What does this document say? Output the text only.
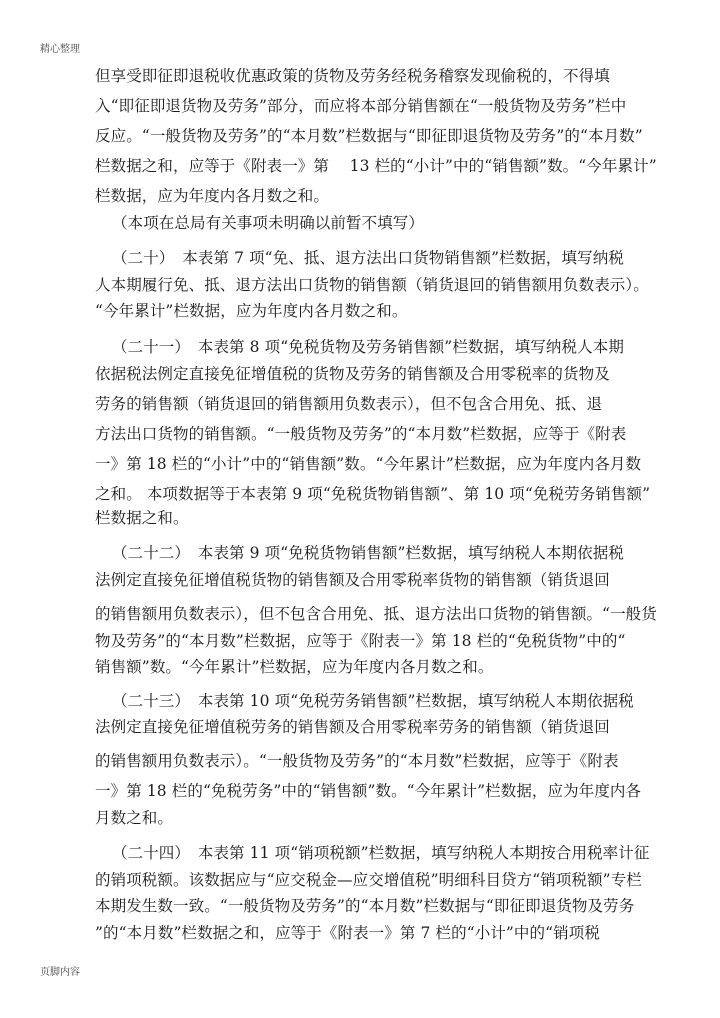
精心整理
但享受即征即退税收优惠政策的货物及劳务经税务稽察发现偷税的，不得填
入“即征即退货物及劳务”部分，而应将本部分销售额在“一般货物及劳务”栏中
反应。“一般货物及劳务”的“本月数”栏数据与“即征即退货物及劳务”的“本月数”
栏数据之和，应等于《附表一》第　 13 栏的“小计”中的“销售额”数。“今年累计”
栏数据，应为年度内各月数之和。
（本项在总局有关事项未明确以前暂不填写）
（二十）　本表第 7 项“免、抵、退方法出口货物销售额”栏数据，填写纳税
人本期履行免、抵、退方法出口货物的销售额（销货退回的销售额用负数表示）。
“今年累计”栏数据，应为年度内各月数之和。
（二十一）　本表第 8 项“免税货物及劳务销售额”栏数据，填写纳税人本期
依据税法例定直接免征增值税的货物及劳务的销售额及合用零税率的货物及
劳务的销售额（销货退回的销售额用负数表示），但不包含合用免、抵、退
方法出口货物的销售额。“一般货物及劳务”的“本月数”栏数据，应等于《附表
一》第 18 栏的“小计”中的“销售额”数。“今年累计”栏数据，应为年度内各月数
之和。 本项数据等于本表第 9 项“免税货物销售额”、第 10 项“免税劳务销售额”
栏数据之和。
（二十二）　本表第 9 项“免税货物销售额”栏数据，填写纳税人本期依据税
法例定直接免征增值税货物的销售额及合用零税率货物的销售额（销货退回
的销售额用负数表示），但不包含合用免、抵、退方法出口货物的销售额。“一般货
物及劳务”的“本月数”栏数据，应等于《附表一》第 18 栏的“免税货物”中的“
销售额”数。“今年累计”栏数据，应为年度内各月数之和。
（二十三）　本表第 10 项“免税劳务销售额”栏数据，填写纳税人本期依据税
法例定直接免征增值税劳务的销售额及合用零税率劳务的销售额（销货退回
的销售额用负数表示）。“一般货物及劳务”的“本月数”栏数据，应等于《附表
一》第 18 栏的“免税劳务”中的“销售额”数。“今年累计”栏数据，应为年度内各
月数之和。
（二十四）　本表第 11 项“销项税额”栏数据，填写纳税人本期按合用税率计征
的销项税额。该数据应与“应交税金—应交增值税”明细科目贷方“销项税额”专栏
本期发生数一致。“一般货物及劳务”的“本月数”栏数据与“即征即退货物及劳务
”的“本月数”栏数据之和，应等于《附表一》第 7 栏的“小计”中的“销项税
页脚内容
